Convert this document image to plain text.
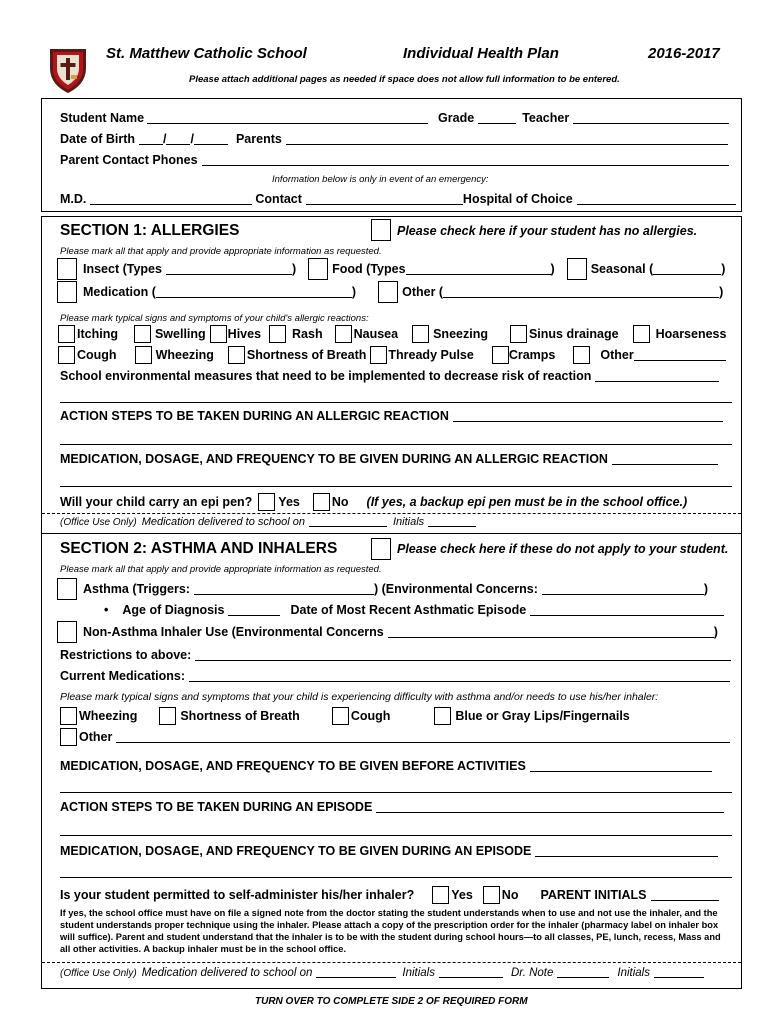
St. Matthew Catholic School	Individual Health Plan	2016-2017
Please attach additional pages as needed if space does not allow full information to be entered.
Student Name	Grade	Teacher
Date of Birth / /	Parents
Parent Contact Phones
Information below is only in event of an emergency:
M.D.	Contact	Hospital of Choice
SECTION 1: ALLERGIES	Please check here if your student has no allergies.
Please mark all that apply and provide appropriate information as requested.
Insect (Types	)	Food (Types	)	Seasonal (	)
Medication (	)	Other (	)
Please mark typical signs and symptoms of your child's allergic reactions:
Itching	Swelling Hives Rash Nausea	Sneezing	Sinus drainage	Hoarseness
Cough	Wheezing	Shortness of Breath Thready Pulse	Cramps	Other
School environmental measures that need to be implemented to decrease risk of reaction
ACTION STEPS TO BE TAKEN DURING AN ALLERGIC REACTION
MEDICATION, DOSAGE, AND FREQUENCY TO BE GIVEN DURING AN ALLERGIC REACTION
Will your child carry an epi pen? Yes	No (If yes, a backup epi pen must be in the school office.)
(Office Use Only) Medication delivered to school on	Initials
SECTION 2: ASTHMA AND INHALERS	Please check here if these do not apply to your student.
Please mark all that apply and provide appropriate information as requested.
Asthma (Triggers:	) (Environmental Concerns:	)
• Age of Diagnosis	Date of Most Recent Asthmatic Episode
Non-Asthma Inhaler Use (Environmental Concerns	)
Restrictions to above:
Current Medications:
Please mark typical signs and symptoms that your child is experiencing difficulty with asthma and/or needs to use his/her inhaler:
Wheezing	Shortness of Breath	Cough	Blue or Gray Lips/Fingernails
Other
MEDICATION, DOSAGE, AND FREQUENCY TO BE GIVEN BEFORE ACTIVITIES
ACTION STEPS TO BE TAKEN DURING AN EPISODE
MEDICATION, DOSAGE, AND FREQUENCY TO BE GIVEN DURING AN EPISODE
Is your student permitted to self-administer his/her inhaler?	Yes No PARENT INITIALS
If yes, the school office must have on file a signed note from the doctor stating the student understands when to use and not use the inhaler, and the student understands proper technique using the inhaler. Please attach a copy of the prescription order for the inhaler (pharmacy label on inhaler box will suffice). Parent and student understand that the inhaler is to be with the student during school hours—to all classes, PE, lunch, recess, Mass and all other activities. A backup inhaler must be in the school office.
(Office Use Only) Medication delivered to school on	Initials	Dr. Note	Initials
TURN OVER TO COMPLETE SIDE 2 OF REQUIRED FORM
